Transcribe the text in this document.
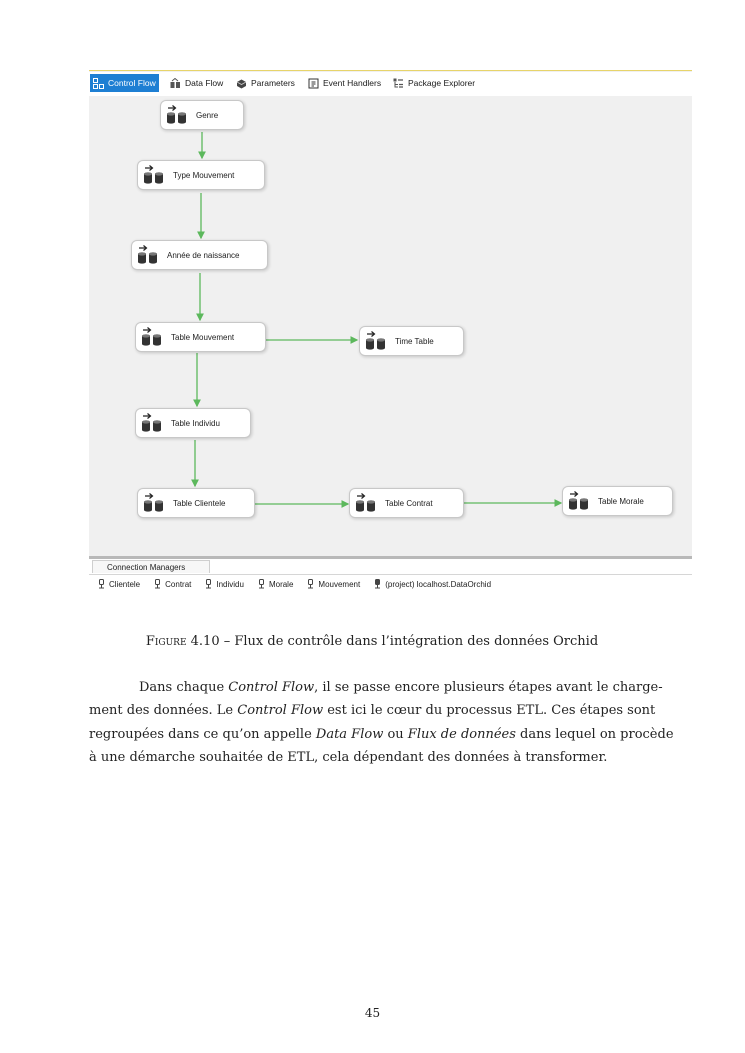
Control Flow	Data Flow	Parameters	Event Handlers	Package Explorer
Genre
Type Mouvement
Année de naissance
Table Mouvement	Time Table
Table Individu
Table Clientele	Table Contrat	Table Morale
Connection Managers
Clientele	Contrat	Individu	Morale	Mouvement	(project) localhost.DataOrchid
Figure 4.10 – Flux de contrôle dans l’intégration des données Orchid
Dans chaque Control Flow, il se passe encore plusieurs étapes avant le charge-
ment des données. Le Control Flow est ici le cœur du processus ETL. Ces étapes sont
regroupées dans ce qu’on appelle Data Flow ou Flux de données dans lequel on procède
à une démarche souhaitée de ETL, cela dépendant des données à transformer.
45
